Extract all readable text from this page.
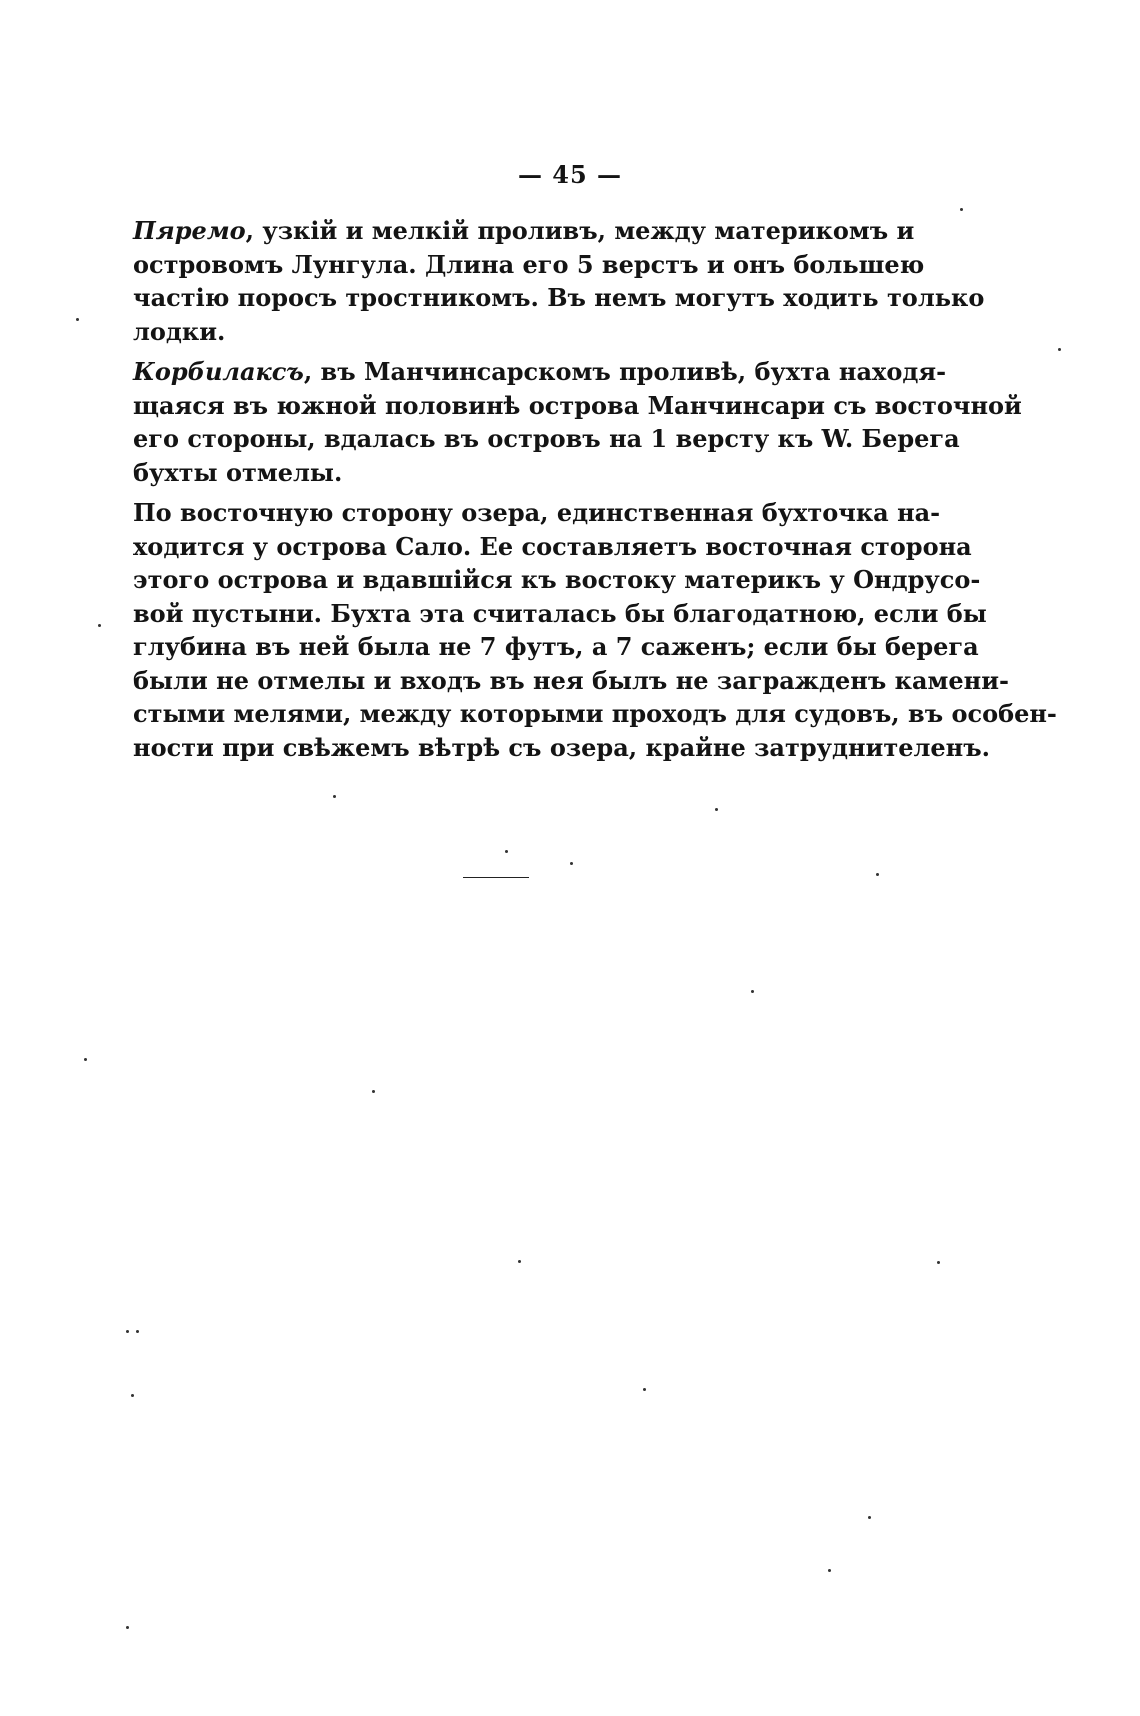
— 45 —

Пяремо, узкій и мелкій проливъ, между материкомъ и
островомъ Лунгула. Длина его 5 верстъ и онъ большею
частію поросъ тростникомъ. Въ немъ могутъ ходить только
лодки.

Корбилаксъ, въ Манчинсарскомъ проливѣ, бухта находя-
щаяся въ южной половинѣ острова Манчинсари съ восточной
его стороны, вдалась въ островъ на 1 версту къ W. Берега
бухты отмелы.

По восточную сторону озера, единственная бухточка на-
ходится у острова Сало. Ее составляетъ восточная сторона
этого острова и вдавшійся къ востоку материкъ у Ондрусо-
вой пустыни. Бухта эта считалась бы благодатною, если бы
глубина въ ней была не 7 футъ, а 7 саженъ; если бы берега
были не отмелы и входъ въ нея былъ не загражденъ камени-
стыми мелями, между которыми проходъ для судовъ, въ особен-
ности при свѣжемъ вѣтрѣ съ озера, крайне затруднителенъ.
